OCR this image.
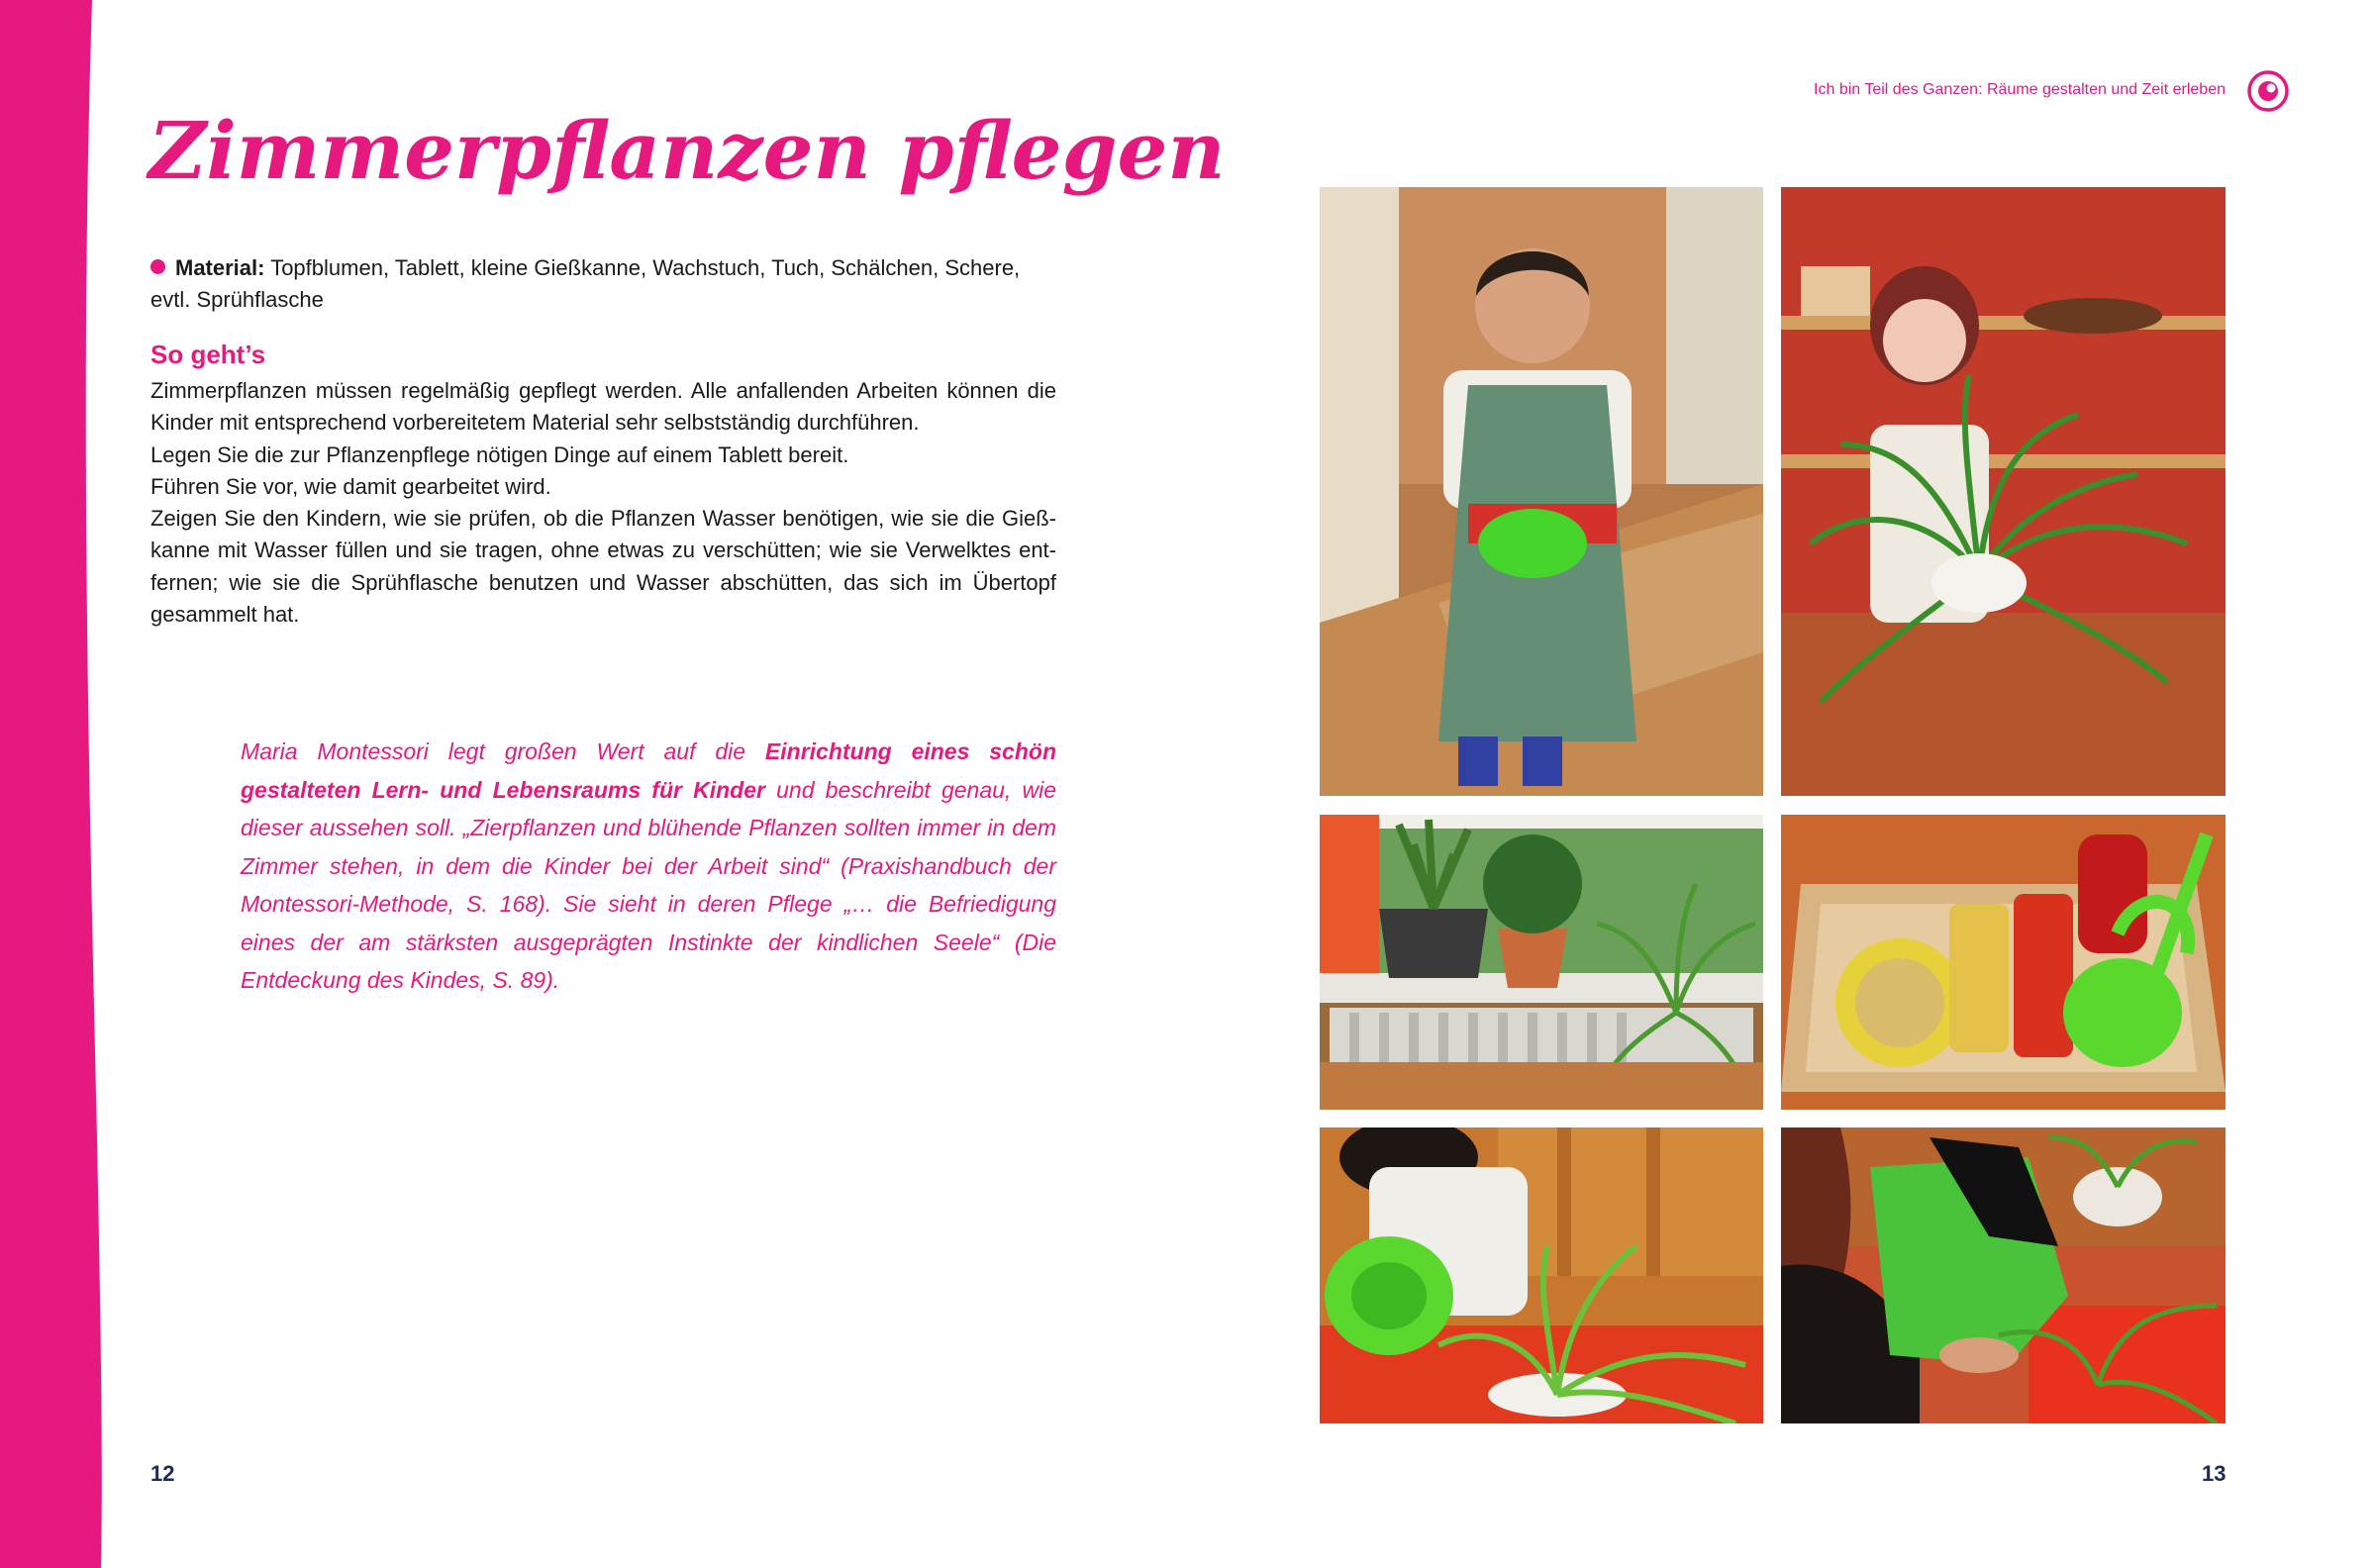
Zimmerpflanzen pflegen

Material: Topfblumen, Tablett, kleine Gießkanne, Wachstuch, Tuch, Schälchen, Schere, evtl. Sprühflasche

So geht’s

Zimmerpflanzen müssen regelmäßig gepflegt werden. Alle anfallenden Arbeiten können die Kinder mit entsprechend vorbereitetem Material sehr selbstständig durchführen.

Legen Sie die zur Pflanzenpflege nötigen Dinge auf einem Tablett bereit.

Führen Sie vor, wie damit gearbeitet wird.

Zeigen Sie den Kindern, wie sie prüfen, ob die Pflanzen Wasser benötigen, wie sie die Gießkanne mit Wasser füllen und sie tragen, ohne etwas zu verschütten; wie sie Verwelktes entfernen; wie sie die Sprühflasche benutzen und Wasser abschütten, das sich im Übertopf gesammelt hat.

Maria Montessori legt großen Wert auf die Einrichtung eines schön gestalteten Lern- und Lebensraums für Kinder und beschreibt genau, wie dieser aussehen soll. „Zierpflanzen und blühende Pflanzen sollten immer in dem Zimmer stehen, in dem die Kinder bei der Arbeit sind“ (Praxishandbuch der Montessori-Methode, S. 168). Sie sieht in deren Pflege „… die Befriedigung eines der am stärksten ausgeprägten Instinkte der kindlichen Seele“ (Die Entdeckung des Kindes, S. 89).

12
Ich bin Teil des Ganzen: Räume gestalten und Zeit erleben
13
